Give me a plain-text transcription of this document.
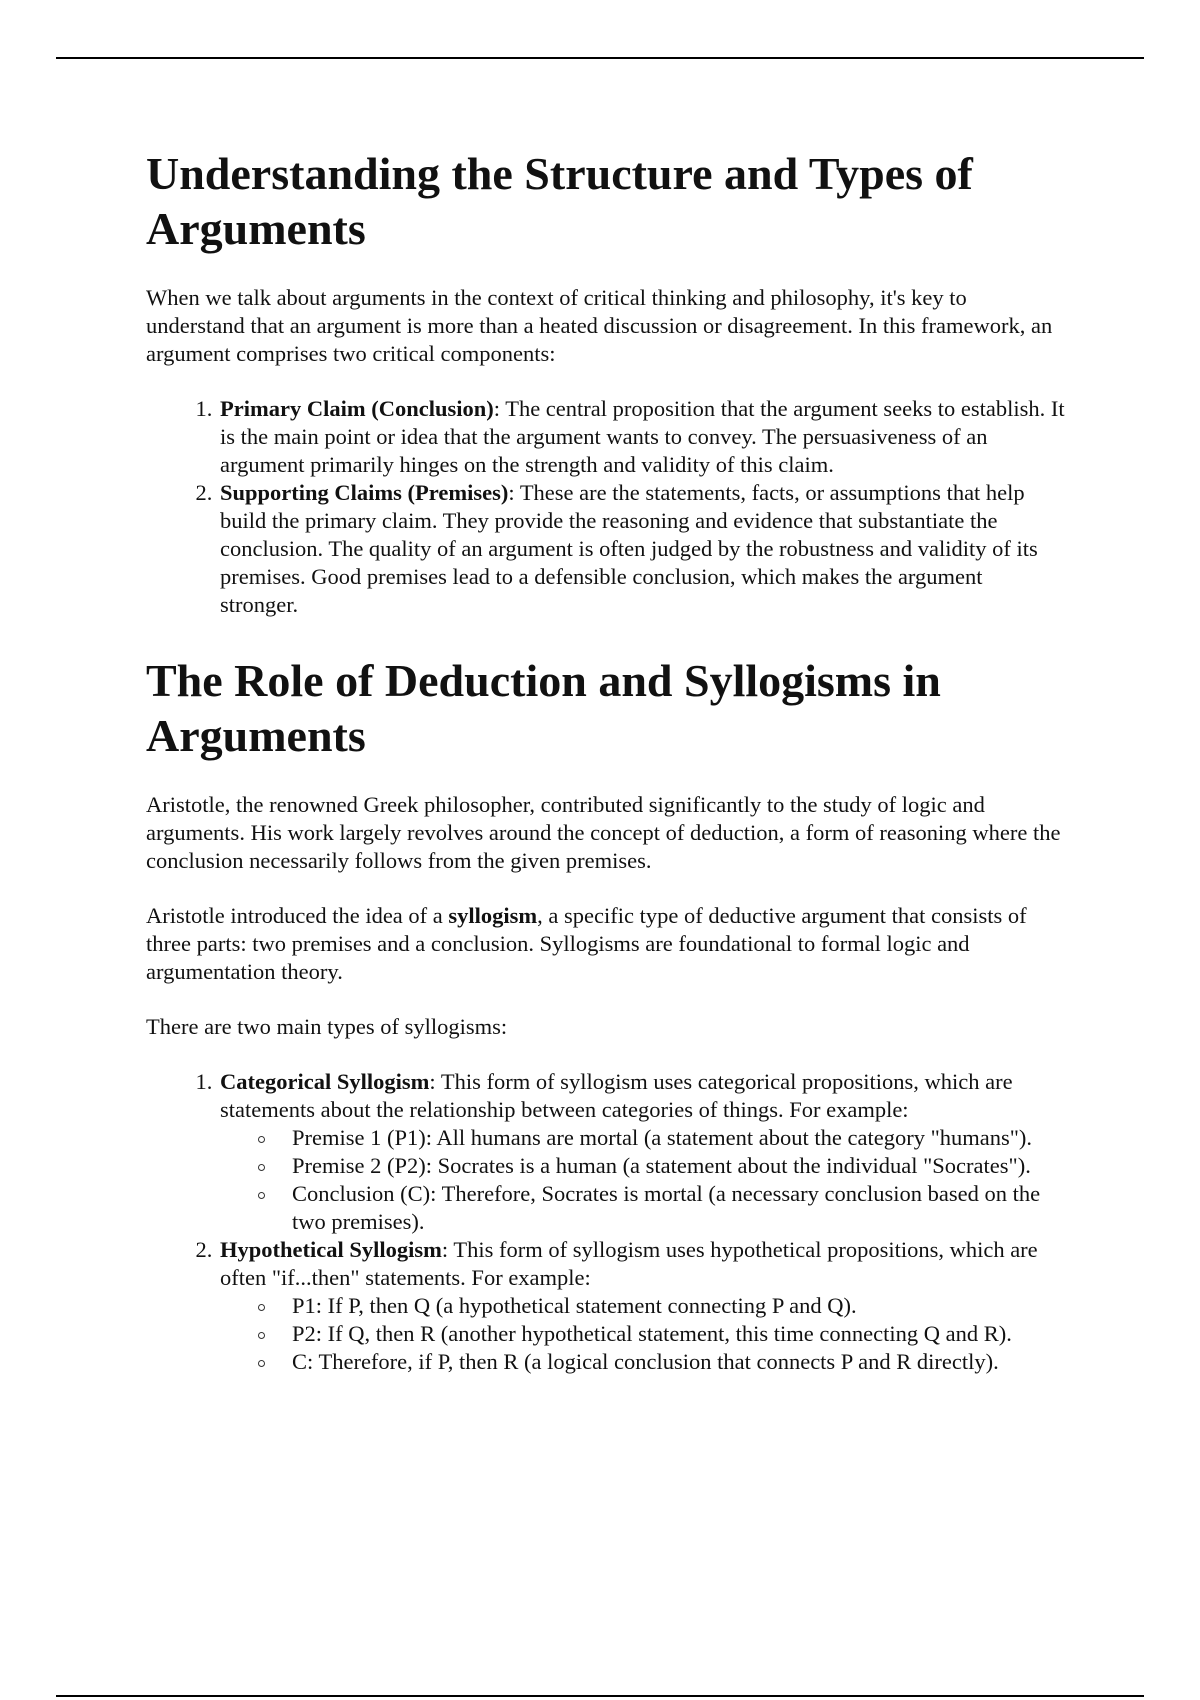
Understanding the Structure and Types of Arguments

When we talk about arguments in the context of critical thinking and philosophy, it's key to understand that an argument is more than a heated discussion or disagreement. In this framework, an argument comprises two critical components:

1. Primary Claim (Conclusion): The central proposition that the argument seeks to establish. It is the main point or idea that the argument wants to convey. The persuasiveness of an argument primarily hinges on the strength and validity of this claim.
2. Supporting Claims (Premises): These are the statements, facts, or assumptions that help build the primary claim. They provide the reasoning and evidence that substantiate the conclusion. The quality of an argument is often judged by the robustness and validity of its premises. Good premises lead to a defensible conclusion, which makes the argument stronger.
The Role of Deduction and Syllogisms in Arguments

Aristotle, the renowned Greek philosopher, contributed significantly to the study of logic and arguments. His work largely revolves around the concept of deduction, a form of reasoning where the conclusion necessarily follows from the given premises.

Aristotle introduced the idea of a syllogism, a specific type of deductive argument that consists of three parts: two premises and a conclusion. Syllogisms are foundational to formal logic and argumentation theory.

There are two main types of syllogisms:

1. Categorical Syllogism: This form of syllogism uses categorical propositions, which are statements about the relationship between categories of things. For example:
Premise 1 (P1): All humans are mortal (a statement about the category "humans").
Premise 2 (P2): Socrates is a human (a statement about the individual "Socrates").
Conclusion (C): Therefore, Socrates is mortal (a necessary conclusion based on the two premises).
2. Hypothetical Syllogism: This form of syllogism uses hypothetical propositions, which are often "if...then" statements. For example:
P1: If P, then Q (a hypothetical statement connecting P and Q).
P2: If Q, then R (another hypothetical statement, this time connecting Q and R).
C: Therefore, if P, then R (a logical conclusion that connects P and R directly).
